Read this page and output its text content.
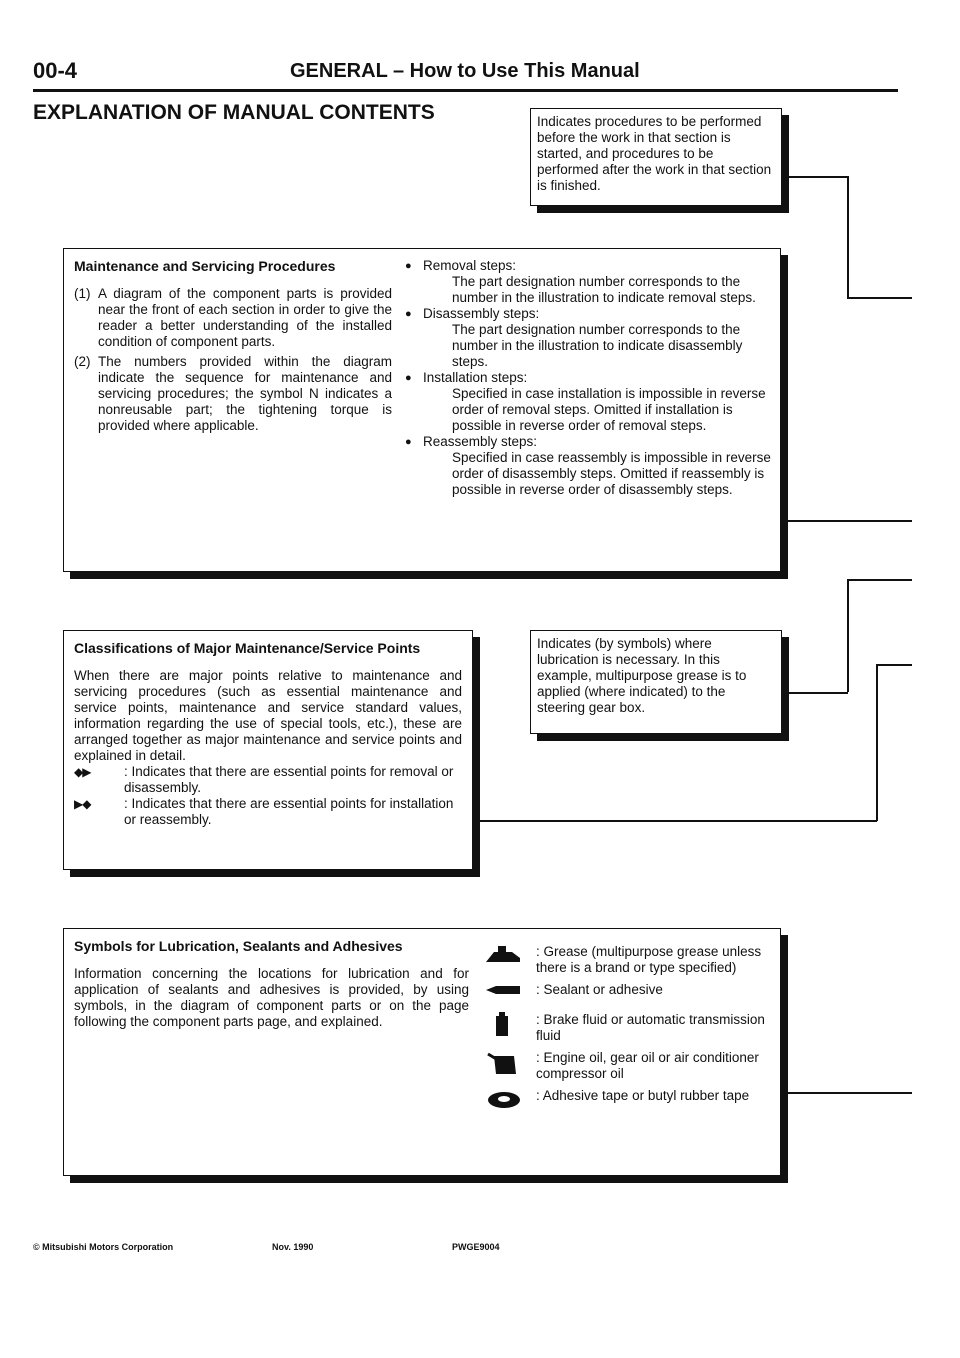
00-4	GENERAL – How to Use This Manual
EXPLANATION OF MANUAL CONTENTS	Indicates procedures to be performed before the work in that section is started, and procedures to be performed after the work in that section is finished.

Maintenance and Servicing Procedures

(1) A diagram of the component parts is provided near the front of each section in order to give the reader a better understanding of the installed condition of component parts.
(2) The numbers provided within the diagram indicate the sequence for maintenance and servicing procedures; the symbol N indicates a nonreusable part; the tightening torque is provided where applicable.
● Removal steps:

The part designation number corresponds to the number in the illustration to indicate removal steps.

● Disassembly steps:

The part designation number corresponds to the number in the illustration to indicate disassembly steps.

● Installation steps:

Specified in case installation is impossible in reverse order of removal steps. Omitted if installation is possible in reverse order of removal steps.

● Reassembly steps:

Specified in case reassembly is impossible in reverse order of disassembly steps. Omitted if reassembly is possible in reverse order of disassembly steps.

Classifications of Major Maintenance/Service Points

When there are major points relative to maintenance and servicing procedures (such as essential maintenance and service points, maintenance and service standard values, information regarding the use of special tools, etc.), these are arranged together as major maintenance and service points and explained in detail.

◆▶	: Indicates that there are essential points for removal or disassembly.
▶◆	: Indicates that there are essential points for installation or reassembly.

Indicates (by symbols) where lubrication is necessary. In this example, multipurpose grease is to applied (where indicated) to the steering gear box.

Symbols for Lubrication, Sealants and Adhesives

Information concerning the locations for lubrication and for application of sealants and adhesives is provided, by using symbols, in the diagram of component parts or on the page following the component parts page, and explained.

: Grease (multipurpose grease unless there is a brand or type specified)
: Sealant or adhesive
: Brake fluid or automatic transmission fluid
: Engine oil, gear oil or air conditioner compressor oil
: Adhesive tape or butyl rubber tape
© Mitsubishi Motors Corporation	Nov. 1990	PWGE9004
